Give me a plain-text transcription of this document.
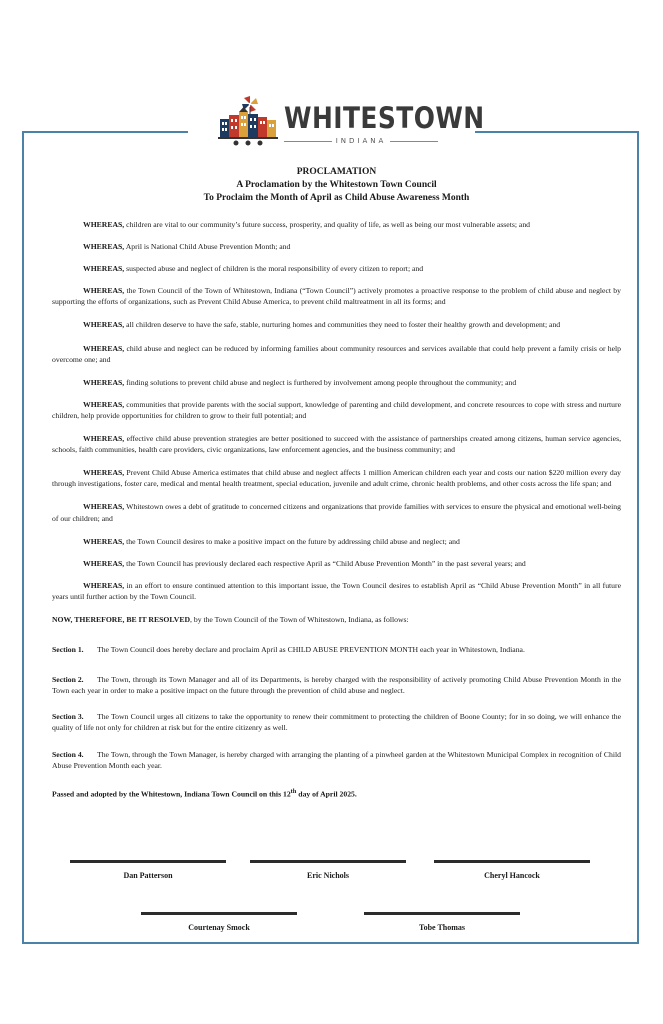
WHITESTOWN
INDIANA
PROCLAMATION
A Proclamation by the Whitestown Town Council
To Proclaim the Month of April as Child Abuse Awareness Month

WHEREAS, children are vital to our community’s future success, prosperity, and quality of life, as well as being our most vulnerable assets; and

WHEREAS, April is National Child Abuse Prevention Month; and

WHEREAS, suspected abuse and neglect of children is the moral responsibility of every citizen to report; and

WHEREAS, the Town Council of the Town of Whitestown, Indiana (“Town Council”) actively promotes a proactive response to the problem of child abuse and neglect by supporting the efforts of organizations, such as Prevent Child Abuse America, to prevent child maltreatment in all its forms; and

WHEREAS, all children deserve to have the safe, stable, nurturing homes and communities they need to foster their healthy growth and development; and

WHEREAS, child abuse and neglect can be reduced by informing families about community resources and services available that could help prevent a family crisis or help overcome one; and

WHEREAS, finding solutions to prevent child abuse and neglect is furthered by involvement among people throughout the community; and

WHEREAS, communities that provide parents with the social support, knowledge of parenting and child development, and concrete resources to cope with stress and nurture children, help provide opportunities for children to grow to their full potential; and

WHEREAS, effective child abuse prevention strategies are better positioned to succeed with the assistance of partnerships created among citizens, human service agencies, schools, faith communities, health care providers, civic organizations, law enforcement agencies, and the business community; and

WHEREAS, Prevent Child Abuse America estimates that child abuse and neglect affects 1 million American children each year and costs our nation $220 million every day through investigations, foster care, medical and mental health treatment, special education, juvenile and adult crime, chronic health problems, and other costs across the life span; and

WHEREAS, Whitestown owes a debt of gratitude to concerned citizens and organizations that provide families with services to ensure the physical and emotional well-being of our children; and

WHEREAS, the Town Council desires to make a positive impact on the future by addressing child abuse and neglect; and

WHEREAS, the Town Council has previously declared each respective April as “Child Abuse Prevention Month” in the past several years; and

WHEREAS, in an effort to ensure continued attention to this important issue, the Town Council desires to establish April as “Child Abuse Prevention Month” in all future years until further action by the Town Council.

NOW, THEREFORE, BE IT RESOLVED, by the Town Council of the Town of Whitestown, Indiana, as follows:

Section 1. The Town Council does hereby declare and proclaim April as CHILD ABUSE PREVENTION MONTH each year in Whitestown, Indiana.

Section 2. The Town, through its Town Manager and all of its Departments, is hereby charged with the responsibility of actively promoting Child Abuse Prevention Month in the Town each year in order to make a positive impact on the future through the prevention of child abuse and neglect.

Section 3. The Town Council urges all citizens to take the opportunity to renew their commitment to protecting the children of Boone County; for in so doing, we will enhance the quality of life not only for children at risk but for the entire citizenry as well.

Section 4. The Town, through the Town Manager, is hereby charged with arranging the planting of a pinwheel garden at the Whitestown Municipal Complex in recognition of Child Abuse Prevention Month each year.

Passed and adopted by the Whitestown, Indiana Town Council on this 12th day of April 2025.

Dan Patterson	Eric Nichols	Cheryl Hancock
Courtenay Smock	Tobe Thomas
